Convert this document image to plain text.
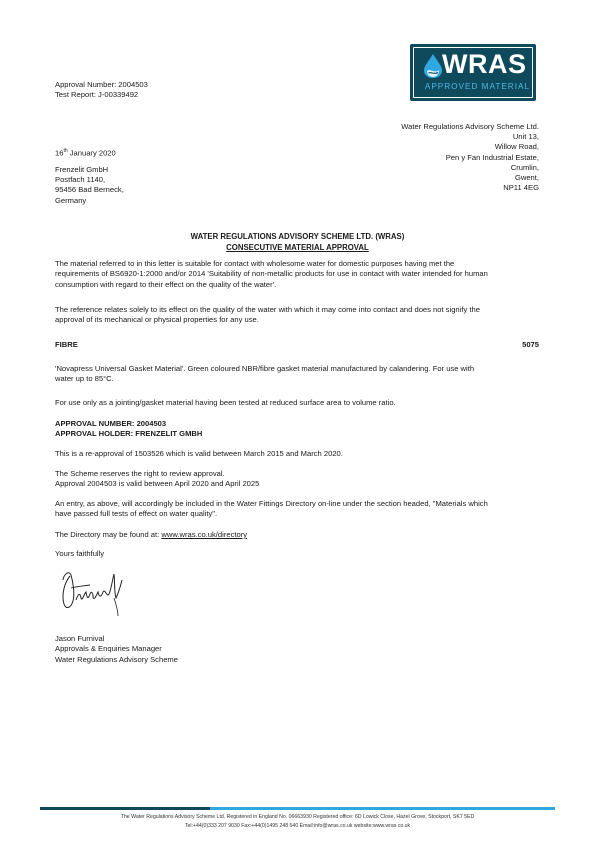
Approval Number: 2004503
Test Report: J-00339492
WRAS
APPROVED MATERIAL
Water Regulations Advisory Scheme Ltd.
Unit 13,
Willow Road,
Pen y Fan Industrial Estate,
Crumlin,
Gwent,
NP11 4EG
16th January 2020
Frenzelit GmbH
Postfach 1140,
95456 Bad Berneck,
Germany
WATER REGULATIONS ADVISORY SCHEME LTD. (WRAS)
CONSECUTIVE MATERIAL APPROVAL
The material referred to in this letter is suitable for contact with wholesome water for domestic purposes having met the
requirements of BS6920-1:2000 and/or 2014 'Suitability of non-metallic products for use in contact with water intended for human
consumption with regard to their effect on the quality of the water'.
The reference relates solely to its effect on the quality of the water with which it may come into contact and does not signify the
approval of its mechanical or physical properties for any use.
FIBRE	5075
'Novapress Universal Gasket Material'. Green coloured NBR/fibre gasket material manufactured by calandering. For use with
water up to 85°C.
For use only as a jointing/gasket material having been tested at reduced surface area to volume ratio.
APPROVAL NUMBER: 2004503
APPROVAL HOLDER: FRENZELIT GMBH
This is a re-approval of 1503526 which is valid between March 2015 and March 2020.
The Scheme reserves the right to review approval.
Approval 2004503 is valid between April 2020 and April 2025
An entry, as above, will accordingly be included in the Water Fittings Directory on-line under the section headed, "Materials which
have passed full tests of effect on water quality".
The Directory may be found at: www.wras.co.uk/directory
Yours faithfully
Jason Furnival
Approvals & Enquiries Manager
Water Regulations Advisory Scheme
The Water Regulations Advisory Scheme Ltd. Registered in England No. 06663930 Registered office: 6D Lowick Close, Hazel Grove, Stockport, SK7 5ED
Tel:+44(0)333 207 9030 Fax:+44(0)1495 248 540 Email:info@wras.co.uk website:www.wras.co.uk
